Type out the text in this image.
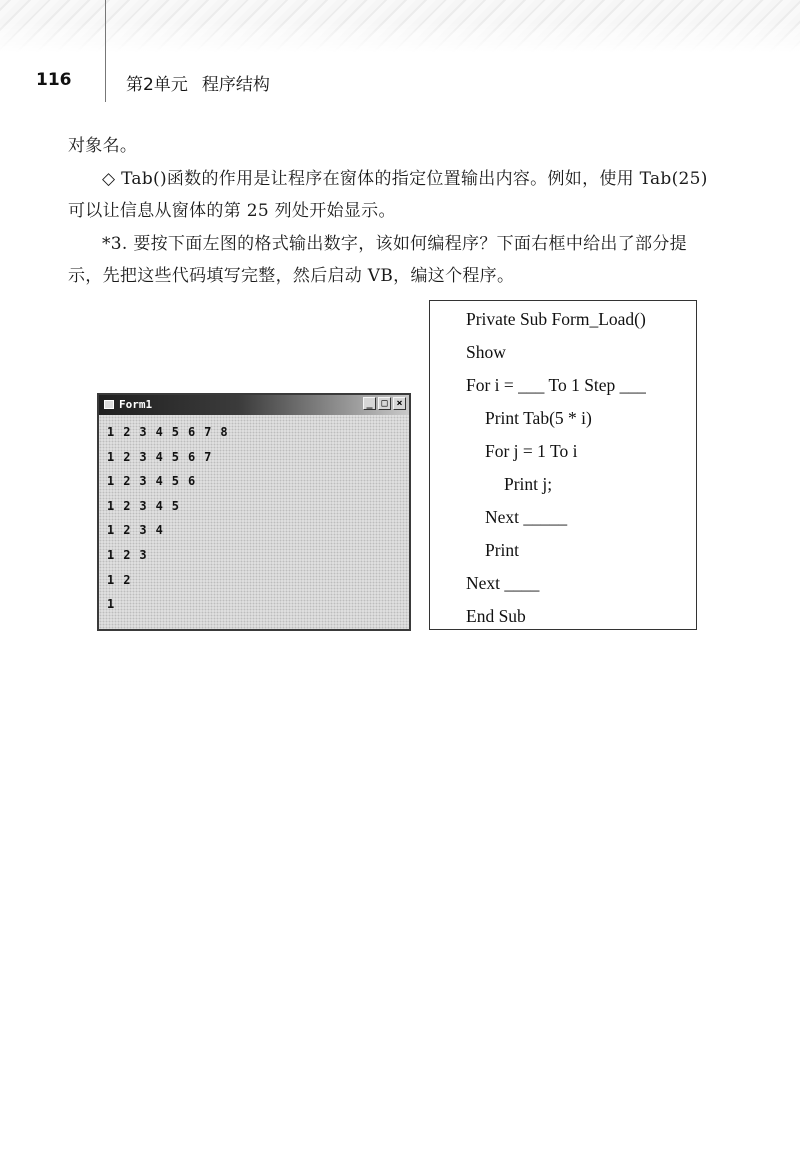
116	第2单元 程序结构

对象名。

◇ Tab()函数的作用是让程序在窗体的指定位置输出内容。例如，使用 Tab(25)可以让信息从窗体的第 25 列处开始显示。

*3. 要按下面左图的格式输出数字，该如何编程序？下面右框中给出了部分提示，先把这些代码填写完整，然后启动 VB，编这个程序。

Form1	_ □ ×
1 2 3 4 5 6 7 8
1 2 3 4 5 6 7
1 2 3 4 5 6
1 2 3 4 5
1 2 3 4
1 2 3
1 2
1
Private Sub Form_Load()
Show
For i = ___ To 1 Step ___
Print Tab(5 * i)
For j = 1 To i
Print j;
Next _____
Print
Next ____
End Sub
